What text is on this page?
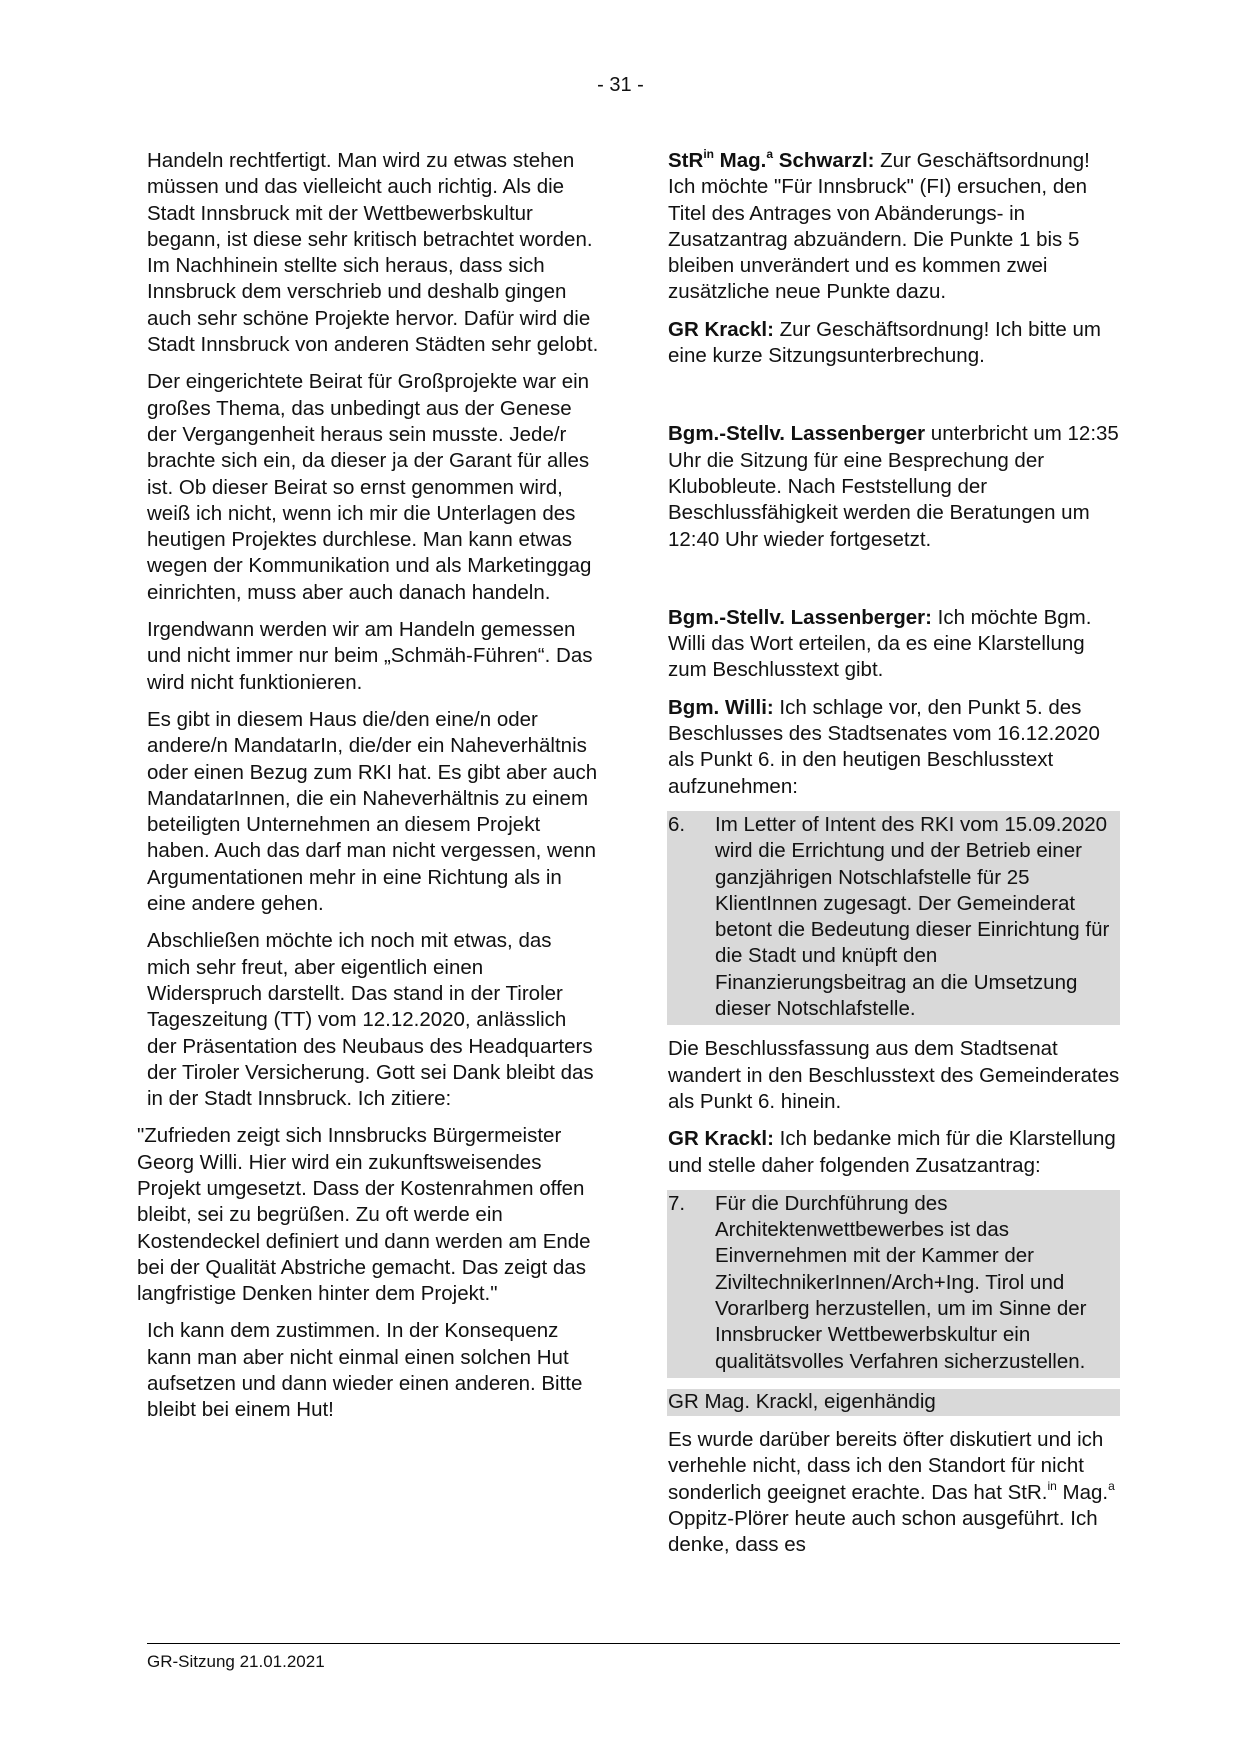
- 31 -

Handeln rechtfertigt. Man wird zu etwas stehen müssen und das vielleicht auch richtig. Als die Stadt Innsbruck mit der Wettbewerbskultur begann, ist diese sehr kritisch betrachtet worden. Im Nachhinein stellte sich heraus, dass sich Innsbruck dem verschrieb und deshalb gingen auch sehr schöne Projekte hervor. Dafür wird die Stadt Innsbruck von anderen Städten sehr gelobt.

Der eingerichtete Beirat für Großprojekte war ein großes Thema, das unbedingt aus der Genese der Vergangenheit heraus sein musste. Jede/r brachte sich ein, da dieser ja der Garant für alles ist. Ob dieser Beirat so ernst genommen wird, weiß ich nicht, wenn ich mir die Unterlagen des heutigen Projektes durchlese. Man kann etwas wegen der Kommunikation und als Marketinggag einrichten, muss aber auch danach handeln.

Irgendwann werden wir am Handeln gemessen und nicht immer nur beim „Schmäh-Führen“. Das wird nicht funktionieren.

Es gibt in diesem Haus die/den eine/n oder andere/n MandatarIn, die/der ein Naheverhältnis oder einen Bezug zum RKI hat. Es gibt aber auch MandatarInnen, die ein Naheverhältnis zu einem beteiligten Unternehmen an diesem Projekt haben. Auch das darf man nicht vergessen, wenn Argumentationen mehr in eine Richtung als in eine andere gehen.

Abschließen möchte ich noch mit etwas, das mich sehr freut, aber eigentlich einen Widerspruch darstellt. Das stand in der Tiroler Tageszeitung (TT) vom 12.12.2020, anlässlich der Präsentation des Neubaus des Headquarters der Tiroler Versicherung. Gott sei Dank bleibt das in der Stadt Innsbruck. Ich zitiere:

"Zufrieden zeigt sich Innsbrucks Bürgermeister Georg Willi. Hier wird ein zukunftsweisendes Projekt umgesetzt. Dass der Kostenrahmen offen bleibt, sei zu begrüßen. Zu oft werde ein Kostendeckel definiert und dann werden am Ende bei der Qualität Abstriche gemacht. Das zeigt das langfristige Denken hinter dem Projekt."

Ich kann dem zustimmen. In der Konsequenz kann man aber nicht einmal einen solchen Hut aufsetzen und dann wieder einen anderen. Bitte bleibt bei einem Hut!

StR$^{in}$ Mag.$^a$ Schwarzl: Zur Geschäftsordnung! Ich möchte "Für Innsbruck" (FI) ersuchen, den Titel des Antrages von Abänderungs- in Zusatzantrag abzuändern. Die Punkte 1 bis 5 bleiben unverändert und es kommen zwei zusätzliche neue Punkte dazu.

GR Krackl: Zur Geschäftsordnung! Ich bitte um eine kurze Sitzungsunterbrechung.

Bgm.-Stellv. Lassenberger unterbricht um 12:35 Uhr die Sitzung für eine Besprechung der Klubobleute. Nach Feststellung der Beschlussfähigkeit werden die Beratungen um 12:40 Uhr wieder fortgesetzt.

Bgm.-Stellv. Lassenberger: Ich möchte Bgm. Willi das Wort erteilen, da es eine Klarstellung zum Beschlusstext gibt.

Bgm. Willi: Ich schlage vor, den Punkt 5. des Beschlusses des Stadtsenates vom 16.12.2020 als Punkt 6. in den heutigen Beschlusstext aufzunehmen:

6.	Im Letter of Intent des RKI vom 15.09.2020 wird die Errichtung und der Betrieb einer ganzjährigen Notschlafstelle für 25 KlientInnen zugesagt. Der Gemeinderat betont die Bedeutung dieser Einrichtung für die Stadt und knüpft den Finanzierungsbeitrag an die Umsetzung dieser Notschlafstelle.

Die Beschlussfassung aus dem Stadtsenat wandert in den Beschlusstext des Gemeinderates als Punkt 6. hinein.

GR Krackl: Ich bedanke mich für die Klarstellung und stelle daher folgenden Zusatzantrag:

7.	Für die Durchführung des Architektenwettbewerbes ist das Einvernehmen mit der Kammer der ZiviltechnikerInnen/Arch+Ing. Tirol und Vorarlberg herzustellen, um im Sinne der Innsbrucker Wettbewerbskultur ein qualitätsvolles Verfahren sicherzustellen.
GR Mag. Krackl, eigenhändig

Es wurde darüber bereits öfter diskutiert und ich verhehle nicht, dass ich den Standort für nicht sonderlich geeignet erachte. Das hat StR.$^{in}$ Mag.$^a$ Oppitz-Plörer heute auch schon ausgeführt. Ich denke, dass es

GR-Sitzung 21.01.2021
